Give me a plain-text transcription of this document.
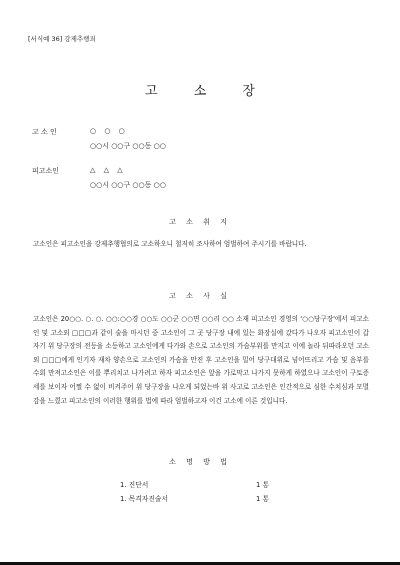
[서식예 36] 강제추행죄
고	소	장
고 소 인	○ ○ ○
○○시 ○○구 ○○동 ○○
피고소인	△ △ △
○○시 ○○구 ○○동 ○○
고 소 취 지

고소인은 피고소인을 강제추행협의로 고소하오니 철저히 조사하여 엄벌하여 주시기를 바랍니다.

고 소 사 실

고소인은 20○○. ○. ○. ○○:○○경 ○○도 ○○군 ○○면 ○○리 ○○ 소재 피고소인 경영의 '○○당구장'에서 피고소인 및 고소외 □□□과 같이 술을 마시던 중 고소인이 그 곳 당구장 내에 있는 화장실에 갔다가 나오자 피고소인이 갑자기 위 당구장의 전등을 소등하고 고소인에게 다가와 손으로 고소인의 가슴부위를 만지고 이에 놀라 뒤따라오던 고소외 □□□에게 인기자 재차 양손으로 고소인의 가슴을 만진 후 고소인을 밀어 당구대위로 넘어뜨리고 가슴 및 음부를 수회 만져고소인은 이를 뿌리치고 나가려고 하자 피고소인은 앞을 가로막고 나가지 못하게 하였으나 고소인이 구토증세를 보이자 어쩔 수 없이 비켜주어 위 당구장을 나오게 되었는바 위 사고로 고소인은 인간적으로 심한 수치심과 모멸감을 느꼈고 피고소인의 이러한 행위를 법에 따라 엄벌하고자 이건 고소에 이른 것입니다.

소 명 방 법
1. 진단서	1 통
1. 목격자진술서	1 통
